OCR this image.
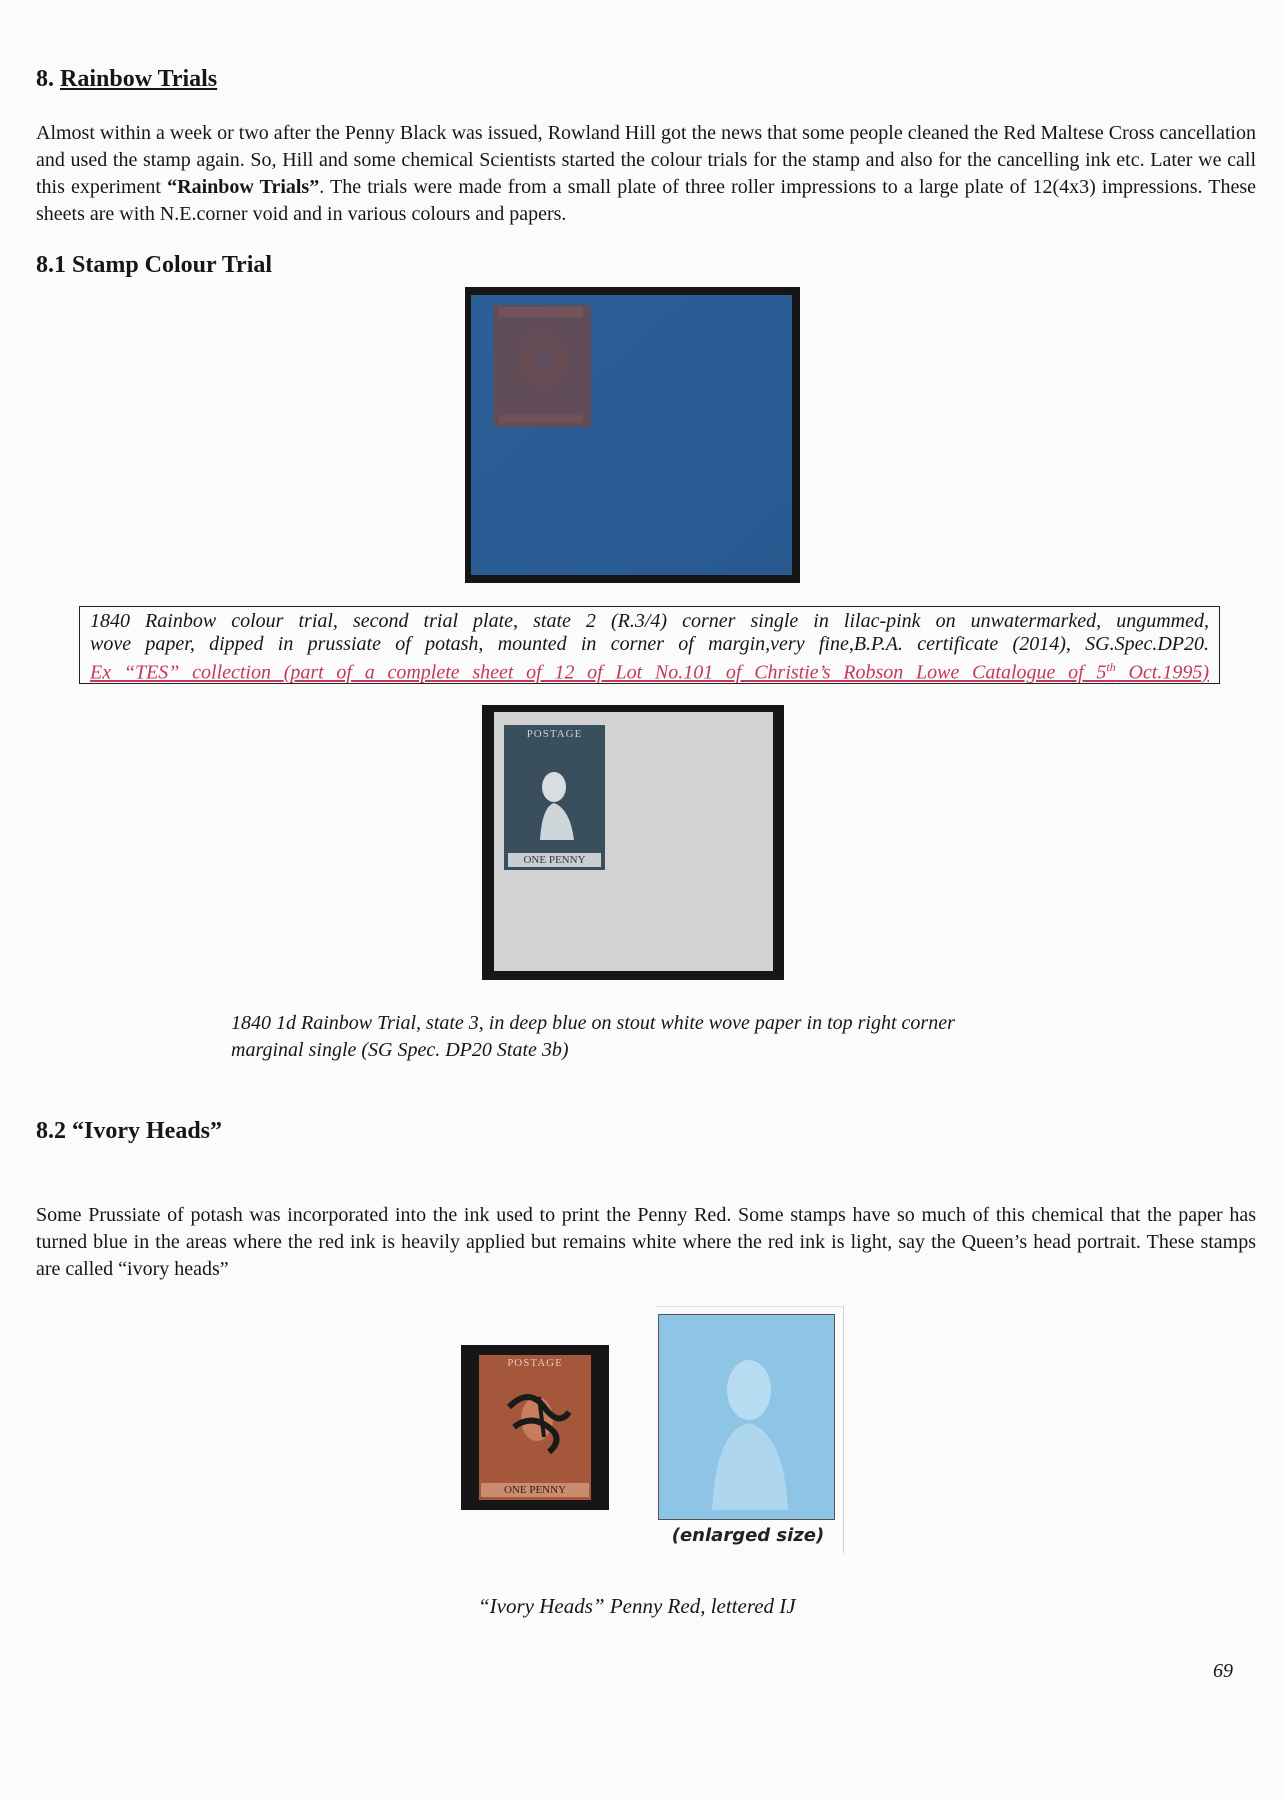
8. Rainbow Trials

Almost within a week or two after the Penny Black was issued, Rowland Hill got the news that some people cleaned the Red Maltese Cross cancellation and used the stamp again. So, Hill and some chemical Scientists started the colour trials for the stamp and also for the cancelling ink etc. Later we call this experiment “Rainbow Trials”. The trials were made from a small plate of three roller impressions to a large plate of 12(4x3) impressions. These sheets are with N.E.corner void and in various colours and papers.

8.1 Stamp Colour Trial
1840 Rainbow colour trial, second trial plate, state 2 (R.3/4) corner single in lilac-pink on unwatermarked, ungummed,
wove paper, dipped in prussiate of potash, mounted in corner of margin,very fine,B.P.A. certificate (2014), SG.Spec.DP20.
Ex “TES” collection (part of a complete sheet of 12 of Lot No.101 of Christie’s Robson Lowe Catalogue of 5th Oct.1995)
POSTAGE
ONE PENNY
1840 1d Rainbow Trial, state 3, in deep blue on stout white wove paper in top right corner
marginal single (SG Spec. DP20 State 3b)
8.2 “Ivory Heads”

Some Prussiate of potash was incorporated into the ink used to print the Penny Red. Some stamps have so much of this chemical that the paper has turned blue in the areas where the red ink is heavily applied but remains white where the red ink is light, say the Queen’s head portrait. These stamps are called “ivory heads”

POSTAGE
ONE PENNY
(enlarged size)
“Ivory Heads” Penny Red, lettered IJ
69
